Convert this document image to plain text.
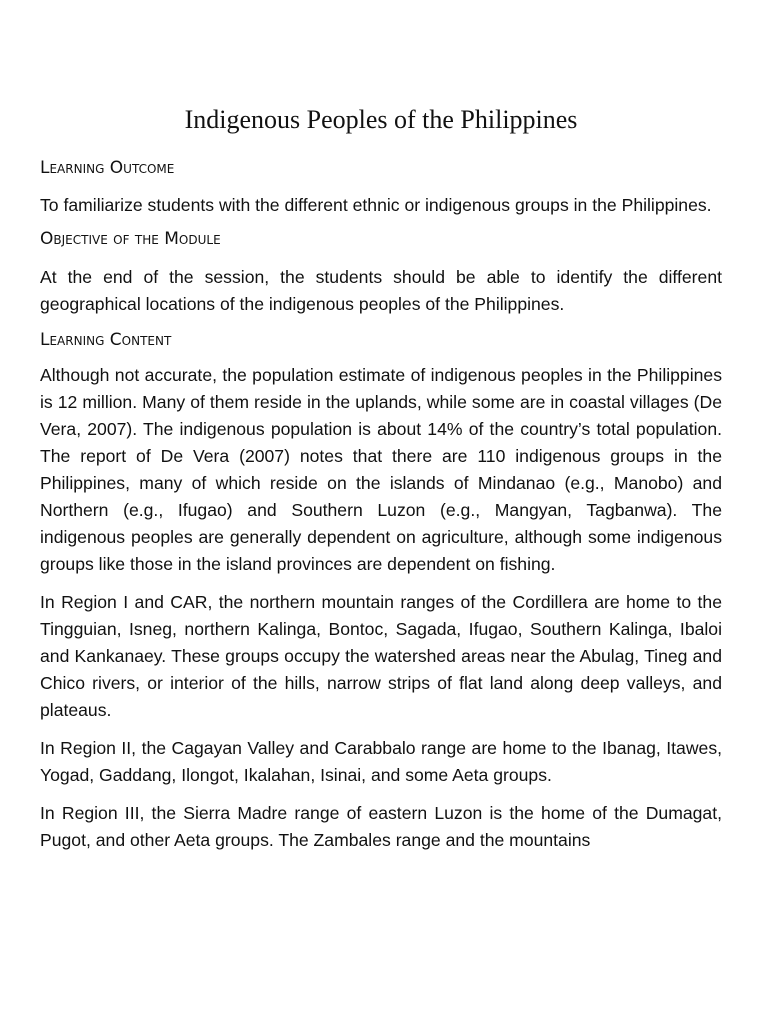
Indigenous Peoples of the Philippines
Learning Outcome

To familiarize students with the different ethnic or indigenous groups in the Philippines.

Objective of the Module

At the end of the session, the students should be able to identify the different geographical locations of the indigenous peoples of the Philippines.

Learning Content

Although not accurate, the population estimate of indigenous peoples in the Philippines is 12 million. Many of them reside in the uplands, while some are in coastal villages (De Vera, 2007). The indigenous population is about 14% of the country’s total population. The report of De Vera (2007) notes that there are 110 indigenous groups in the Philippines, many of which reside on the islands of Mindanao (e.g., Manobo) and Northern (e.g., Ifugao) and Southern Luzon (e.g., Mangyan, Tagbanwa). The indigenous peoples are generally dependent on agriculture, although some indigenous groups like those in the island provinces are dependent on fishing.

In Region I and CAR, the northern mountain ranges of the Cordillera are home to the Tingguian, Isneg, northern Kalinga, Bontoc, Sagada, Ifugao, Southern Kalinga, Ibaloi and Kankanaey. These groups occupy the watershed areas near the Abulag, Tineg and Chico rivers, or interior of the hills, narrow strips of flat land along deep valleys, and plateaus.

In Region II, the Cagayan Valley and Carabbalo range are home to the Ibanag, Itawes, Yogad, Gaddang, Ilongot, Ikalahan, Isinai, and some Aeta groups.

In Region III, the Sierra Madre range of eastern Luzon is the home of the Dumagat, Pugot, and other Aeta groups. The Zambales range and the mountains
